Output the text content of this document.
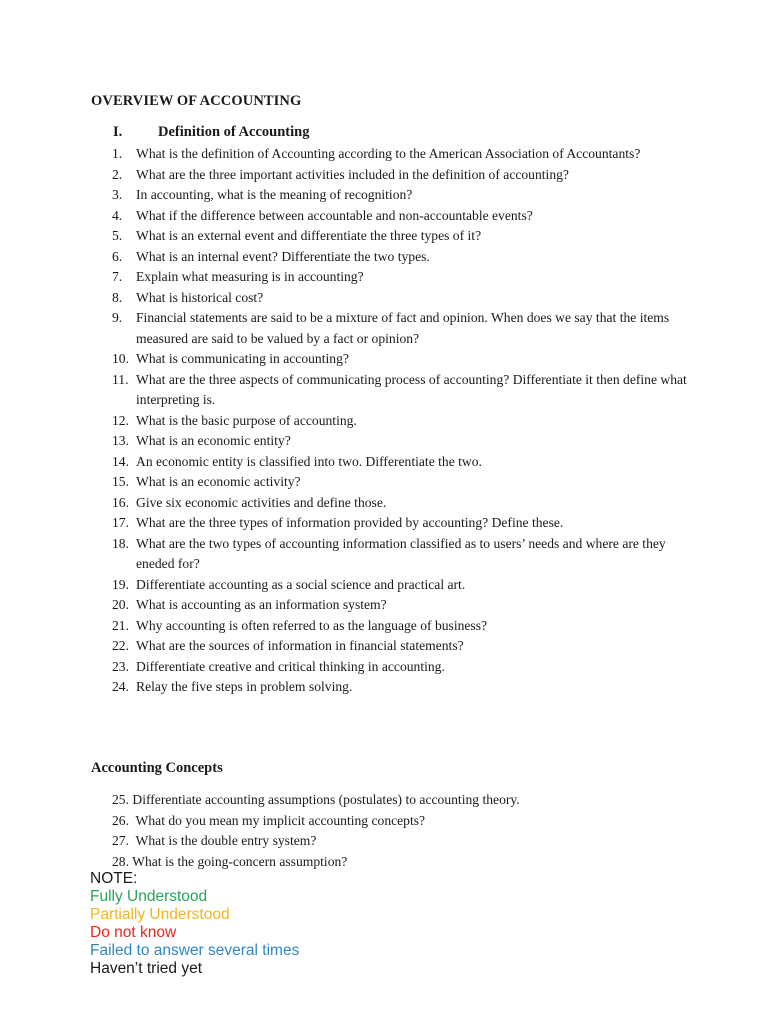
OVERVIEW OF ACCOUNTING
I. Definition of Accounting
1. What is the definition of Accounting according to the American Association of Accountants?
2. What are the three important activities included in the definition of accounting?
3. In accounting, what is the meaning of recognition?
4. What if the difference between accountable and non-accountable events?
5. What is an external event and differentiate the three types of it?
6. What is an internal event? Differentiate the two types.
7. Explain what measuring is in accounting?
8. What is historical cost?
9. Financial statements are said to be a mixture of fact and opinion. When does we say that the items measured are said to be valued by a fact or opinion?
10. What is communicating in accounting?
11. What are the three aspects of communicating process of accounting? Differentiate it then define what interpreting is.
12. What is the basic purpose of accounting.
13. What is an economic entity?
14. An economic entity is classified into two. Differentiate the two.
15. What is an economic activity?
16. Give six economic activities and define those.
17. What are the three types of information provided by accounting? Define these.
18. What are the two types of accounting information classified as to users’ needs and where are they eneded for?
19. Differentiate accounting as a social science and practical art.
20. What is accounting as an information system?
21. Why accounting is often referred to as the language of business?
22. What are the sources of information in financial statements?
23. Differentiate creative and critical thinking in accounting.
24. Relay the five steps in problem solving.
Accounting Concepts
25. Differentiate accounting assumptions (postulates) to accounting theory.
26.  What do you mean my implicit accounting concepts?
27.  What is the double entry system?
28. What is the going-concern assumption?
NOTE:
Fully Understood
Partially Understood
Do not know
Failed to answer several times
Haven’t tried yet
